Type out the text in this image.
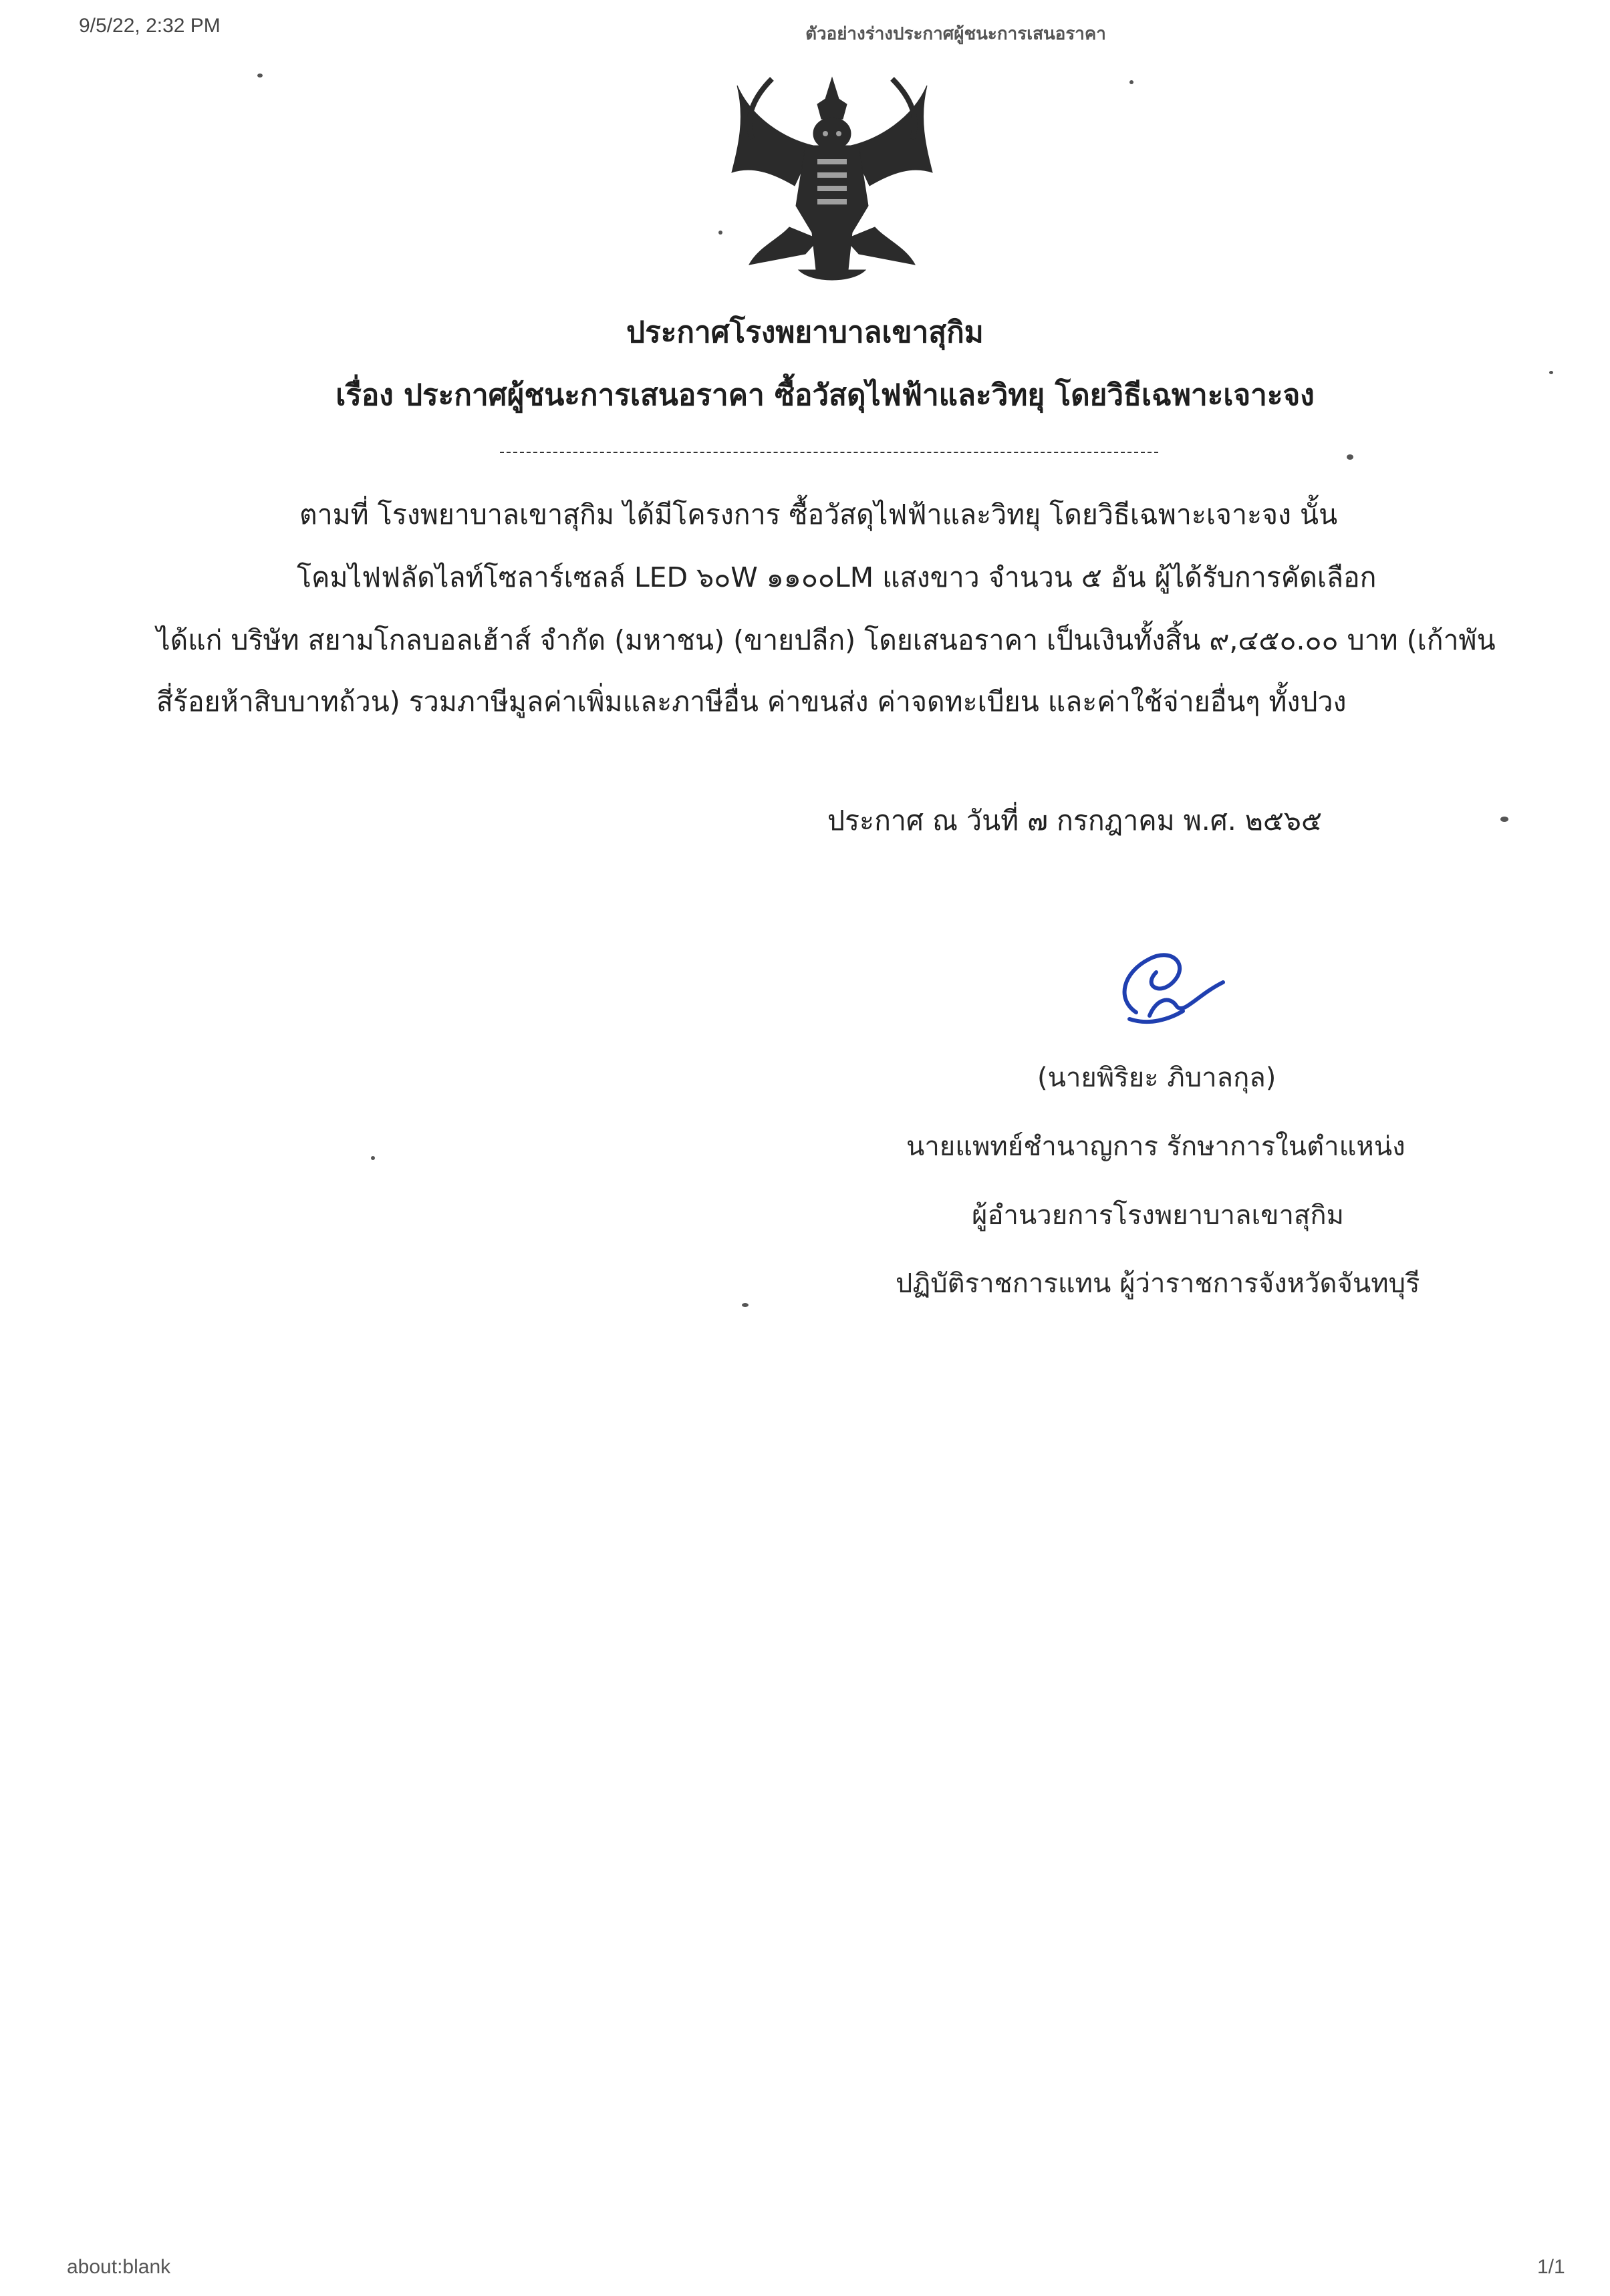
9/5/22, 2:32 PM	ตัวอย่างร่างประกาศผู้ชนะการเสนอราคา
ประกาศโรงพยาบาลเขาสุกิม
เรื่อง ประกาศผู้ชนะการเสนอราคา ซื้อวัสดุไฟฟ้าและวิทยุ โดยวิธีเฉพาะเจาะจง
ตามที่ โรงพยาบาลเขาสุกิม ได้มีโครงการ ซื้อวัสดุไฟฟ้าและวิทยุ โดยวิธีเฉพาะเจาะจง นั้น
โคมไฟฟลัดไลท์โซลาร์เซลล์ LED ๖๐W ๑๑๐๐LM แสงขาว จำนวน ๕ อัน ผู้ได้รับการคัดเลือก
ได้แก่ บริษัท สยามโกลบอลเฮ้าส์ จำกัด (มหาชน) (ขายปลีก) โดยเสนอราคา เป็นเงินทั้งสิ้น ๙,๔๕๐.๐๐ บาท (เก้าพัน
สี่ร้อยห้าสิบบาทถ้วน) รวมภาษีมูลค่าเพิ่มและภาษีอื่น ค่าขนส่ง ค่าจดทะเบียน และค่าใช้จ่ายอื่นๆ ทั้งปวง
ประกาศ ณ วันที่ ๗ กรกฎาคม พ.ศ. ๒๕๖๕
(นายพิริยะ ภิบาลกุล)
นายแพทย์ชำนาญการ รักษาการในตำแหน่ง
ผู้อำนวยการโรงพยาบาลเขาสุกิม
ปฏิบัติราชการแทน ผู้ว่าราชการจังหวัดจันทบุรี
about:blank	1/1
